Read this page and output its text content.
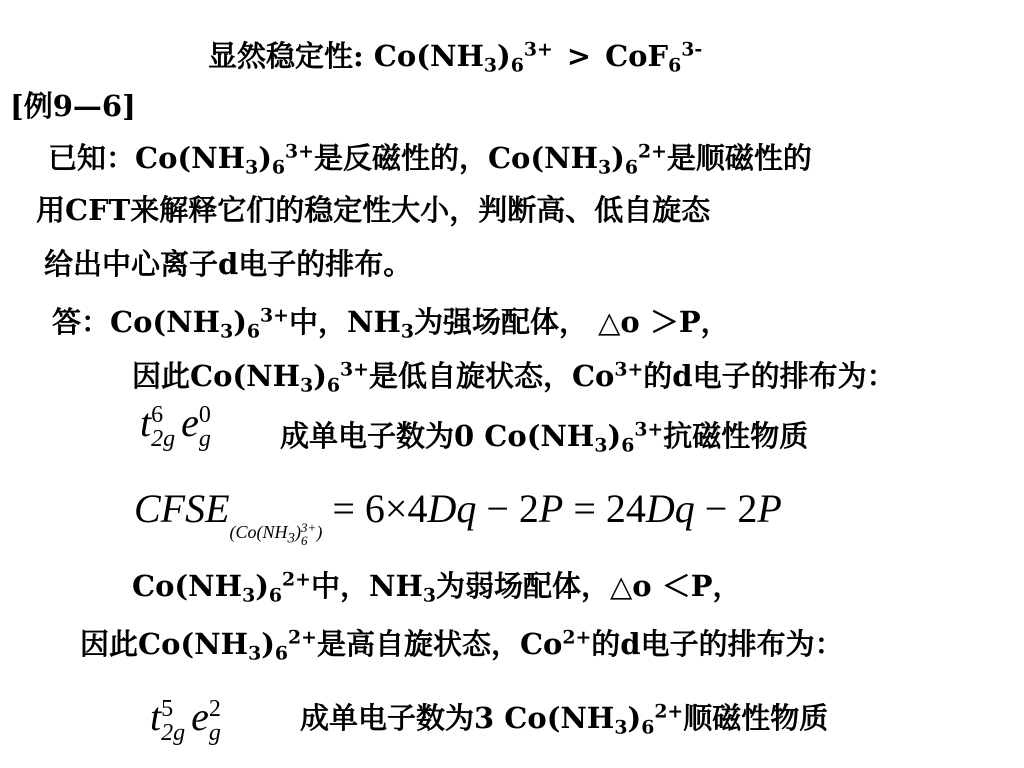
显然稳定性: $Co(NH_3)_6^{3+} > CoF_6^{3-}$
[例9—6]
已知：$Co(NH_3)_6^{3+}$是反磁性的，$Co(NH_3)_6^{2+}$是顺磁性的
用CFT来解释它们的稳定性大小，判断高、低自旋态
给出中心离子d电子的排布。
答：$Co(NH_3)_6^{3+}$中，$NH_3$为强场配体， △o ＞P，
因此$Co(NH_3)_6^{3+}$是低自旋状态，$Co^{3+}$的d电子的排布为：
t 6
2g e 0
g 成单电子数为0 $Co(NH_3)_6^{3+}$抗磁性物质
$CFSE_{(Co(NH_3) 3+ 6 )}= 6\times 4Dq - 2P = 24Dq - 2P$
$Co(NH_3)_6^{2+}$中，$NH_3$为弱场配体，△o ＜P，
因此$Co(NH_3)_6^{2+}$是高自旋状态，$Co^{2+}$的d电子的排布为：
t 5
2g e 2
g	成单电子数为3 $Co(NH_3)_6^{2+}$顺磁性物质
